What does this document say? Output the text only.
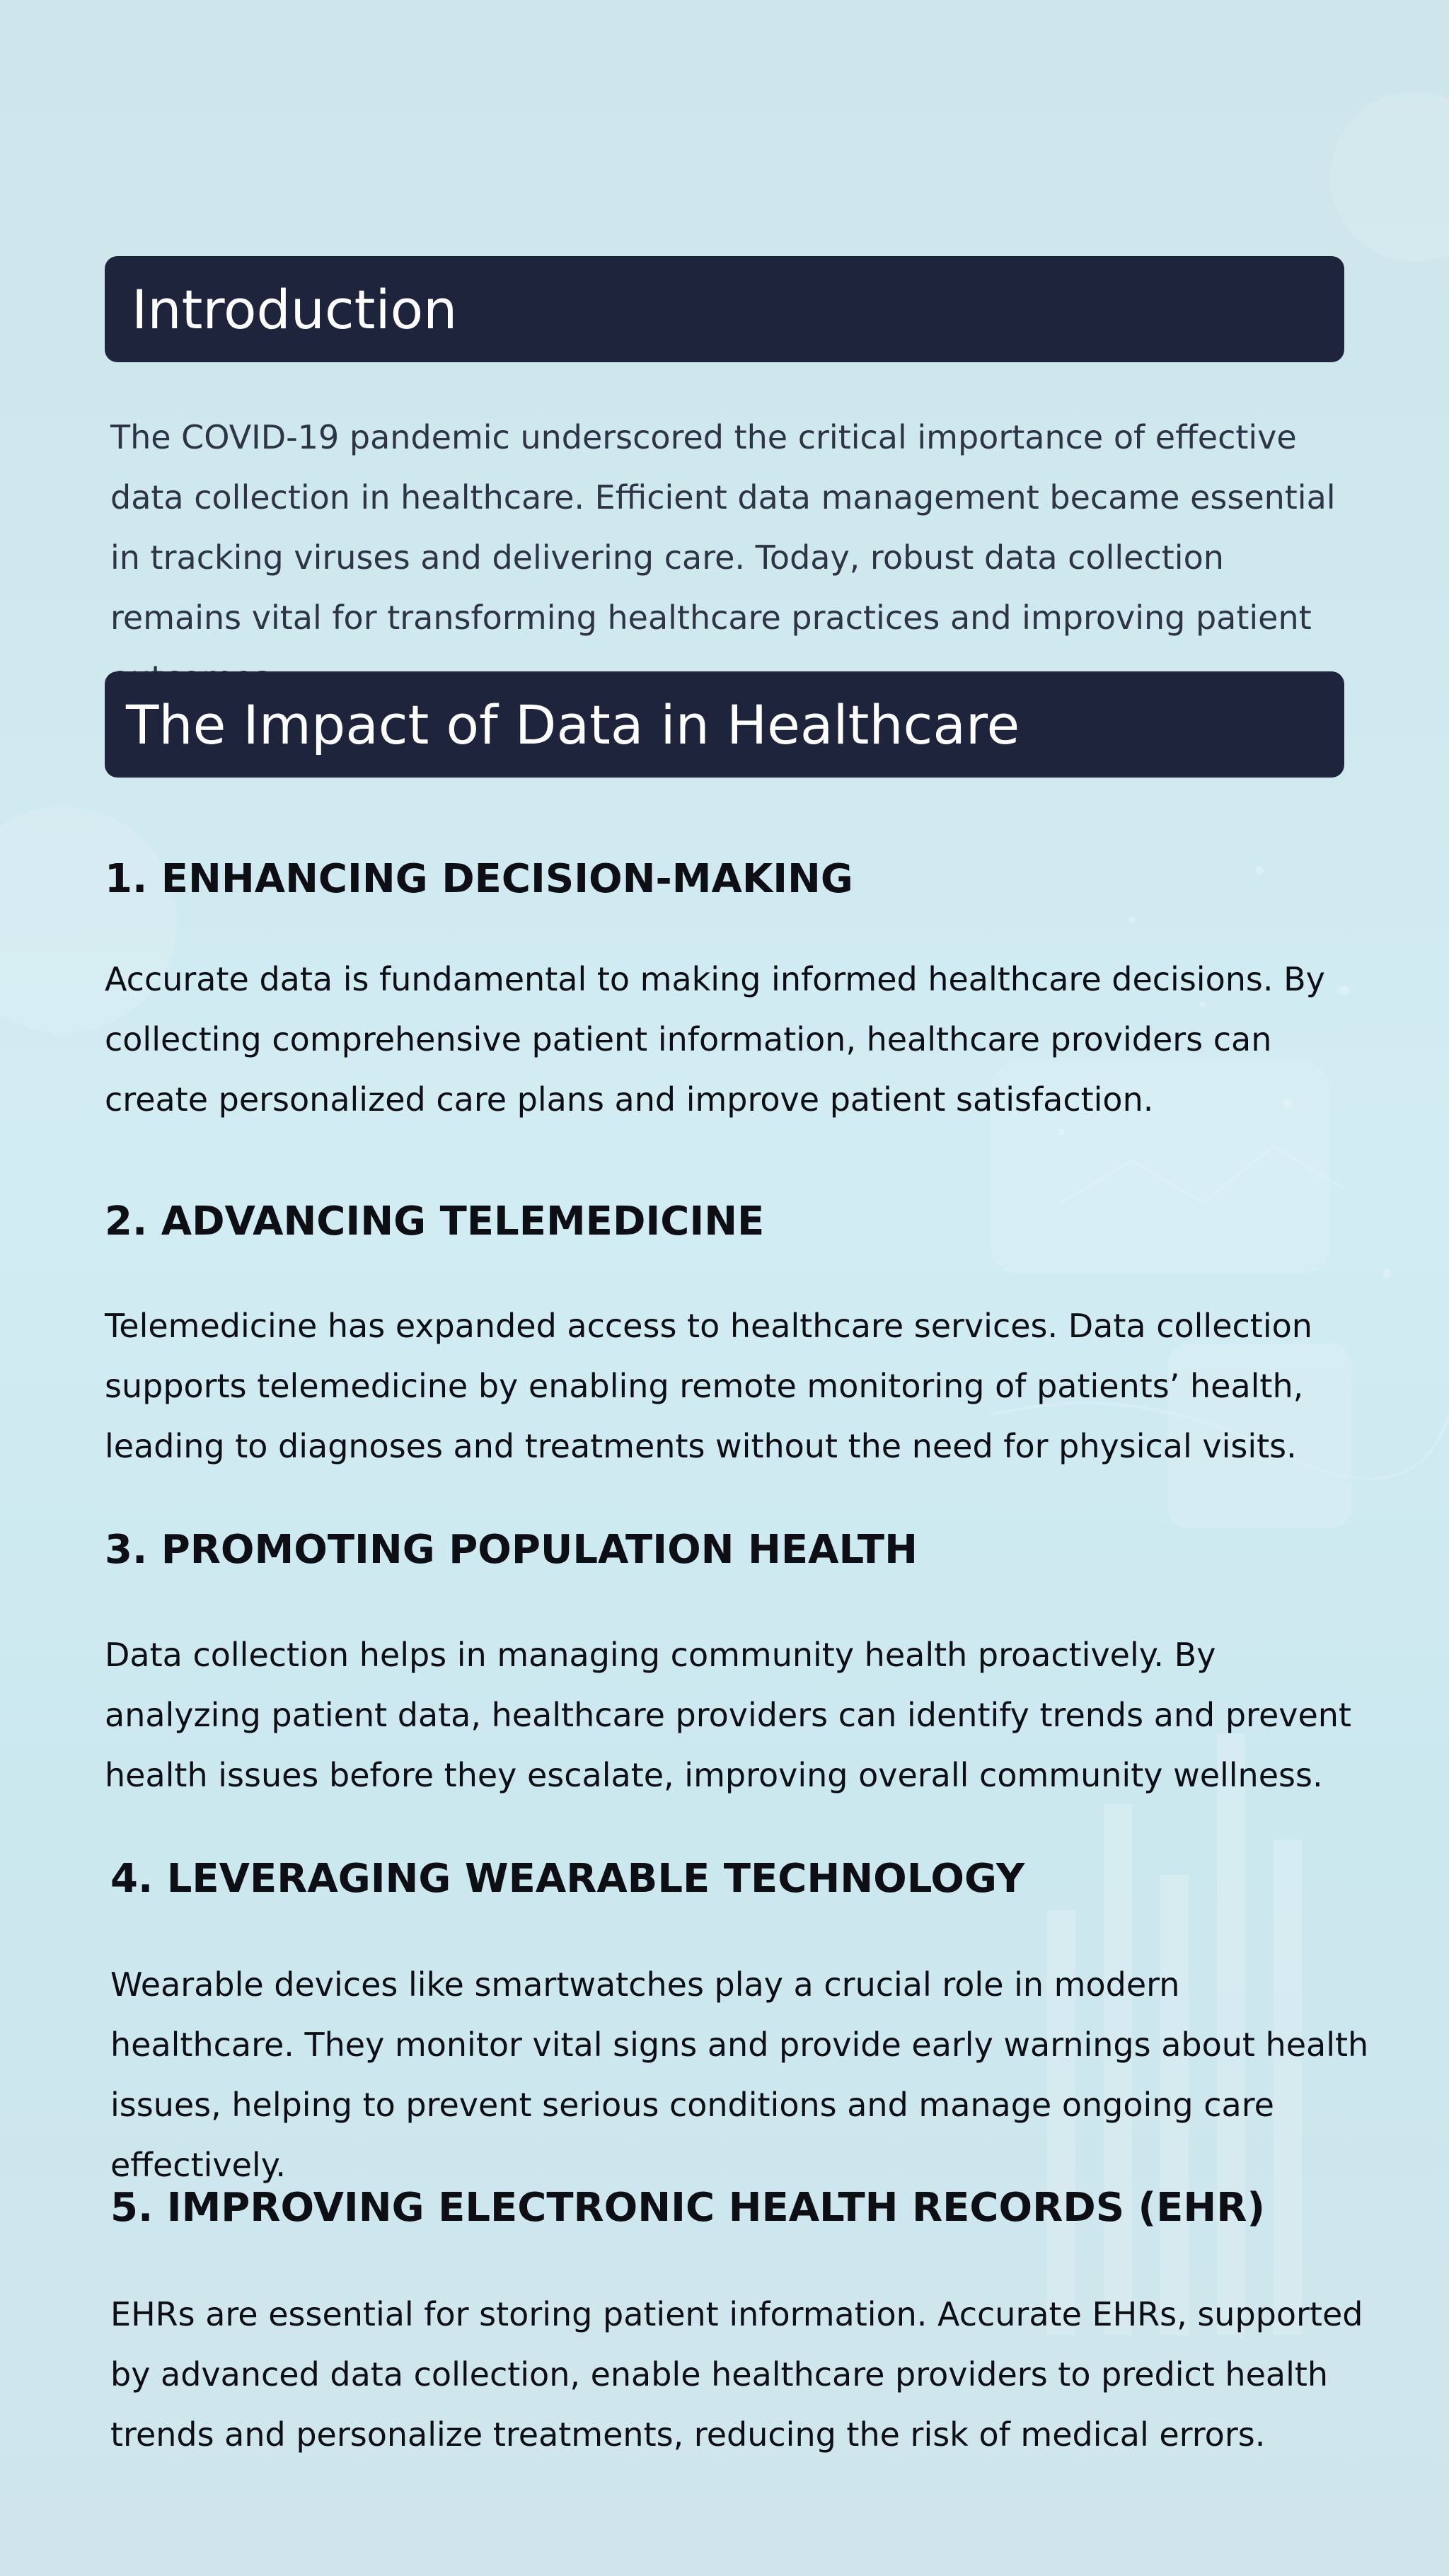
Introduction

The COVID-19 pandemic underscored the critical importance of effective data collection in healthcare. Efficient data management became essential in tracking viruses and delivering care. Today, robust data collection remains vital for transforming healthcare practices and improving patient

The Impact of Data in Healthcare
1. ENHANCING DECISION-MAKING

Accurate data is fundamental to making informed healthcare decisions. By collecting comprehensive patient information, healthcare providers can create personalized care plans and improve patient satisfaction.

2. ADVANCING TELEMEDICINE

Telemedicine has expanded access to healthcare services. Data collection supports telemedicine by enabling remote monitoring of patients’ health, leading to diagnoses and treatments without the need for physical visits.

3. PROMOTING POPULATION HEALTH

Data collection helps in managing community health proactively. By analyzing patient data, healthcare providers can identify trends and prevent health issues before they escalate, improving overall community wellness.

4. LEVERAGING WEARABLE TECHNOLOGY

Wearable devices like smartwatches play a crucial role in modern healthcare. They monitor vital signs and provide early warnings about health issues, helping to prevent serious conditions and manage ongoing care effectively.

5. IMPROVING ELECTRONIC HEALTH RECORDS (EHR)

EHRs are essential for storing patient information. Accurate EHRs, supported by advanced data collection, enable healthcare providers to predict health trends and personalize treatments, reducing the risk of medical errors.
